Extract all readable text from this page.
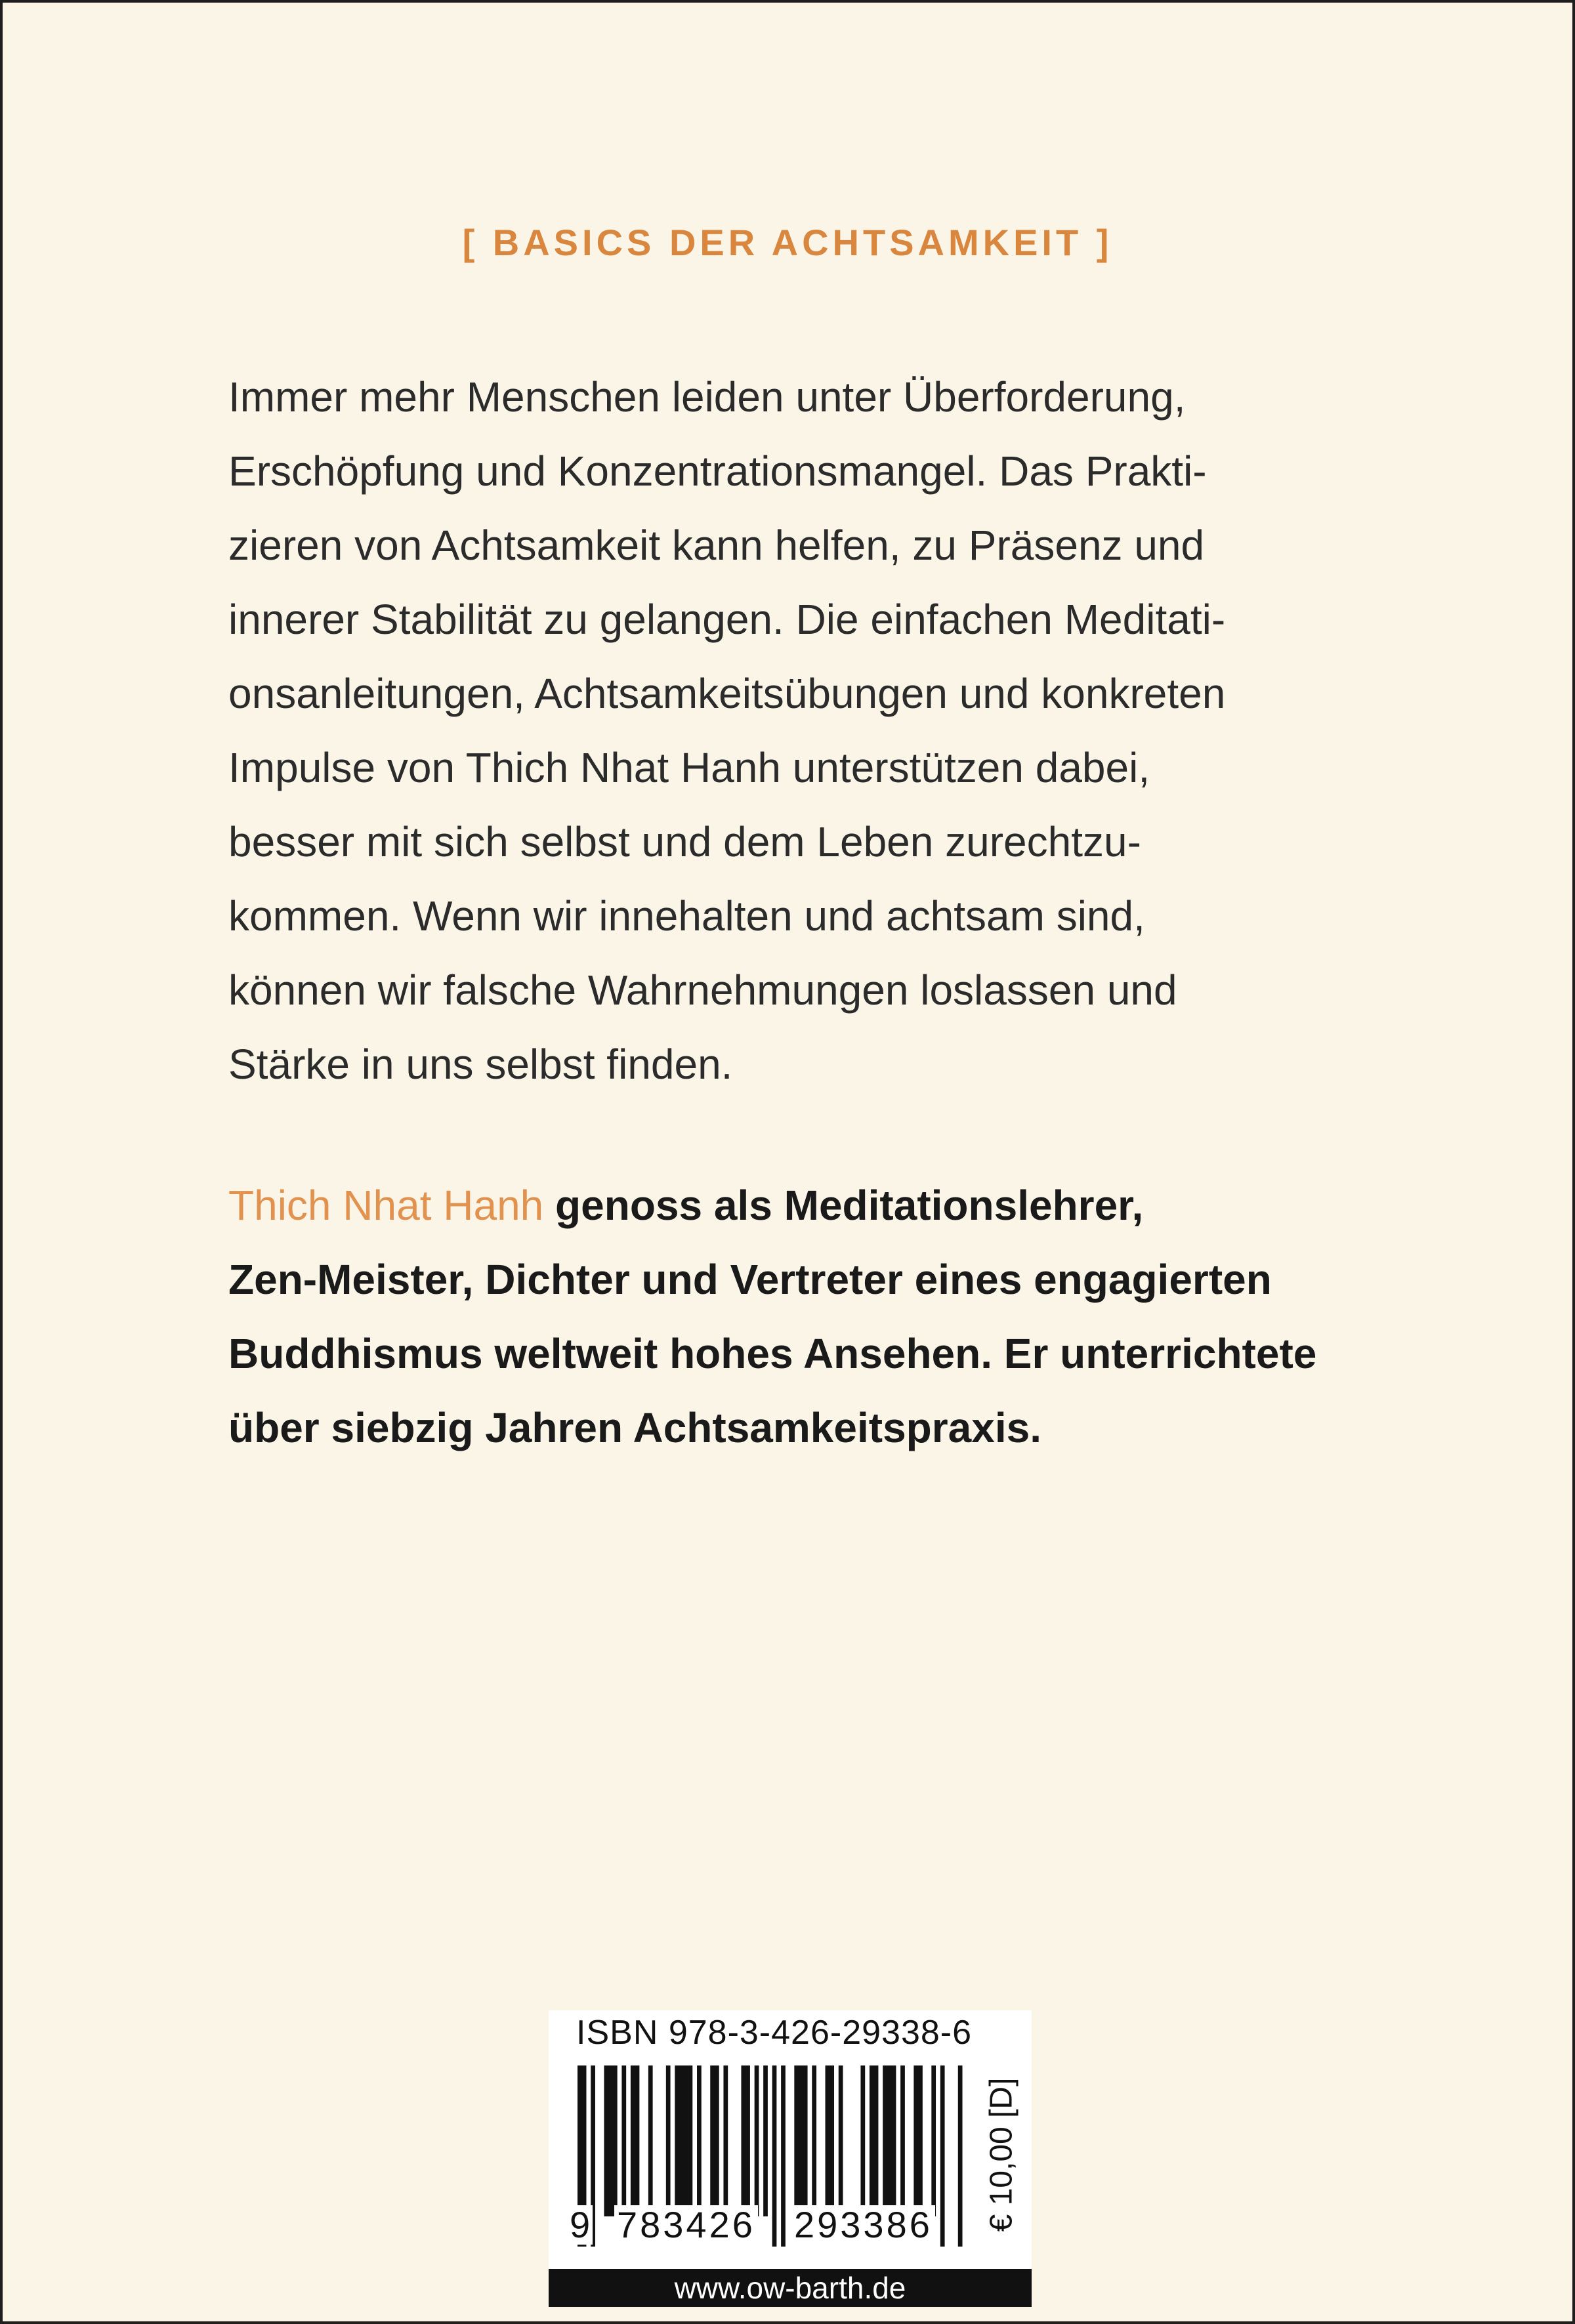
[ BASICS DER ACHTSAMKEIT ]

Immer mehr Menschen leiden unter Überforderung,
Erschöpfung und Konzentrationsmangel. Das Prakti-
zieren von Achtsamkeit kann helfen, zu Präsenz und
innerer Stabilität zu gelangen. Die einfachen Meditati-
onsanleitungen, Achtsamkeitsübungen und konkreten
Impulse von Thich Nhat Hanh unterstützen dabei,
besser mit sich selbst und dem Leben zurechtzu-
kommen. Wenn wir innehalten und achtsam sind,
können wir falsche Wahrnehmungen loslassen und
Stärke in uns selbst finden.

Thich Nhat Hanh genoss als Meditationslehrer,
Zen-Meister, Dichter und Vertreter eines engagierten
Buddhismus weltweit hohes Ansehen. Er unterrichtete
über siebzig Jahren Achtsamkeitspraxis.

ISBN 978-3-426-29338-6
9 783426 293386 € 10,00 [D]
www.ow-barth.de
